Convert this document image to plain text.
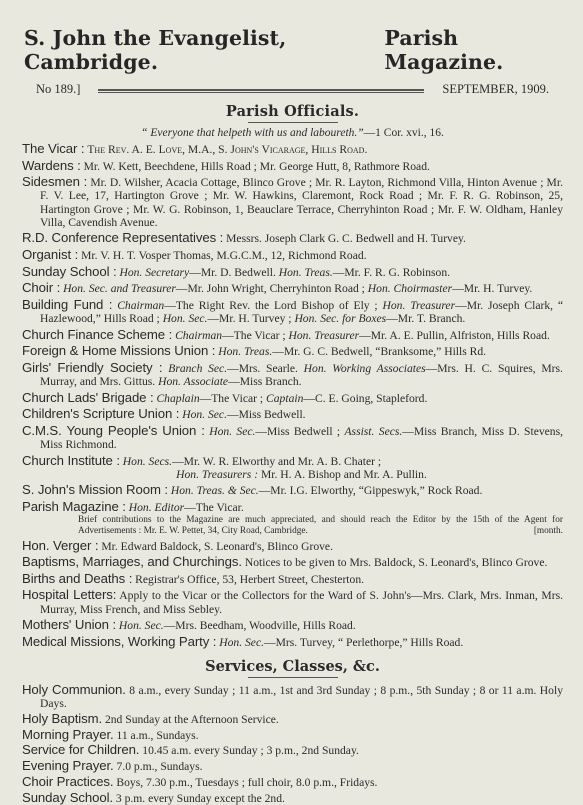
S. John the Evangelist, Cambridge.
Parish Magazine.
No 189.]	SEPTEMBER, 1909.
Parish Officials.
“ Everyone that helpeth with us and laboureth.”—1 Cor. xvi., 16.
The Vicar : The Rev. A. E. Love, M.A., S. John's Vicarage, Hills Road.
Wardens : Mr. W. Kett, Beechdene, Hills Road ; Mr. George Hutt, 8, Rathmore Road.
Sidesmen : Mr. D. Wilsher, Acacia Cottage, Blinco Grove ; Mr. R. Layton, Richmond Villa, Hinton Avenue ; Mr. F. V. Lee, 17, Hartington Grove ; Mr. W. Hawkins, Claremont, Rock Road ; Mr. F. R. G. Robinson, 25, Hartington Grove ; Mr. W. G. Robinson, 1, Beauclare Terrace, Cherryhinton Road ; Mr. F. W. Oldham, Hanley Villa, Cavendish Avenue.
R.D. Conference Representatives : Messrs. Joseph Clark G. C. Bedwell and H. Turvey.
Organist : Mr. V. H. T. Vosper Thomas, M.G.C.M., 12, Richmond Road.
Sunday School : Hon. Secretary—Mr. D. Bedwell. Hon. Treas.—Mr. F. R. G. Robinson.
Choir : Hon. Sec. and Treasurer—Mr. John Wright, Cherryhinton Road ; Hon. Choirmaster—Mr. H. Turvey.
Building Fund : Chairman—The Right Rev. the Lord Bishop of Ely ; Hon. Treasurer—Mr. Joseph Clark, “ Hazlewood,” Hills Road ; Hon. Sec.—Mr. H. Turvey ; Hon. Sec. for Boxes—Mr. T. Branch.
Church Finance Scheme : Chairman—The Vicar ; Hon. Treasurer—Mr. A. E. Pullin, Alfriston, Hills Road.
Foreign & Home Missions Union : Hon. Treas.—Mr. G. C. Bedwell, “Branksome,” Hills Rd.
Girls' Friendly Society : Branch Sec.—Mrs. Searle. Hon. Working Associates—Mrs. H. C. Squires, Mrs. Murray, and Mrs. Gittus. Hon. Associate—Miss Branch.
Church Lads' Brigade : Chaplain—The Vicar ; Captain—C. E. Going, Stapleford.
Children's Scripture Union : Hon. Sec.—Miss Bedwell.
C.M.S. Young People's Union : Hon. Sec.—Miss Bedwell ; Assist. Secs.—Miss Branch, Miss D. Stevens, Miss Richmond.
Church Institute : Hon. Secs.—Mr. W. R. Elworthy and Mr. A. B. Chater ;
Hon. Treasurers : Mr. H. A. Bishop and Mr. A. Pullin.
S. John's Mission Room : Hon. Treas. & Sec.—Mr. I.G. Elworthy, “Gippeswyk,” Rock Road.
Parish Magazine : Hon. Editor—The Vicar.
Brief contributions to the Magazine are much appreciated, and should reach the Editor by the 15th of the Agent for Advertisements : Mr. E. W. Pettet, 34, City Road, Cambridge.	[month.
Hon. Verger : Mr. Edward Baldock, S. Leonard's, Blinco Grove.
Baptisms, Marriages, and Churchings. Notices to be given to Mrs. Baldock, S. Leonard's, Blinco Grove.
Births and Deaths : Registrar's Office, 53, Herbert Street, Chesterton.
Hospital Letters: Apply to the Vicar or the Collectors for the Ward of S. John's—Mrs. Clark, Mrs. Inman, Mrs. Murray, Miss French, and Miss Sebley.
Mothers' Union : Hon. Sec.—Mrs. Beedham, Woodville, Hills Road.
Medical Missions, Working Party : Hon. Sec.—Mrs. Turvey, “ Perlethorpe,” Hills Road.
Services, Classes, &c.
Holy Communion. 8 a.m., every Sunday ; 11 a.m., 1st and 3rd Sunday ; 8 p.m., 5th Sunday ; 8 or 11 a.m. Holy Days.
Holy Baptism. 2nd Sunday at the Afternoon Service.
Morning Prayer. 11 a.m., Sundays.
Service for Children. 10.45 a.m. every Sunday ; 3 p.m., 2nd Sunday.
Evening Prayer. 7.0 p.m., Sundays.
Choir Practices. Boys, 7.30 p.m., Tuesdays ; full choir, 8.0 p.m., Fridays.
Sunday School. 3 p.m. every Sunday except the 2nd.
